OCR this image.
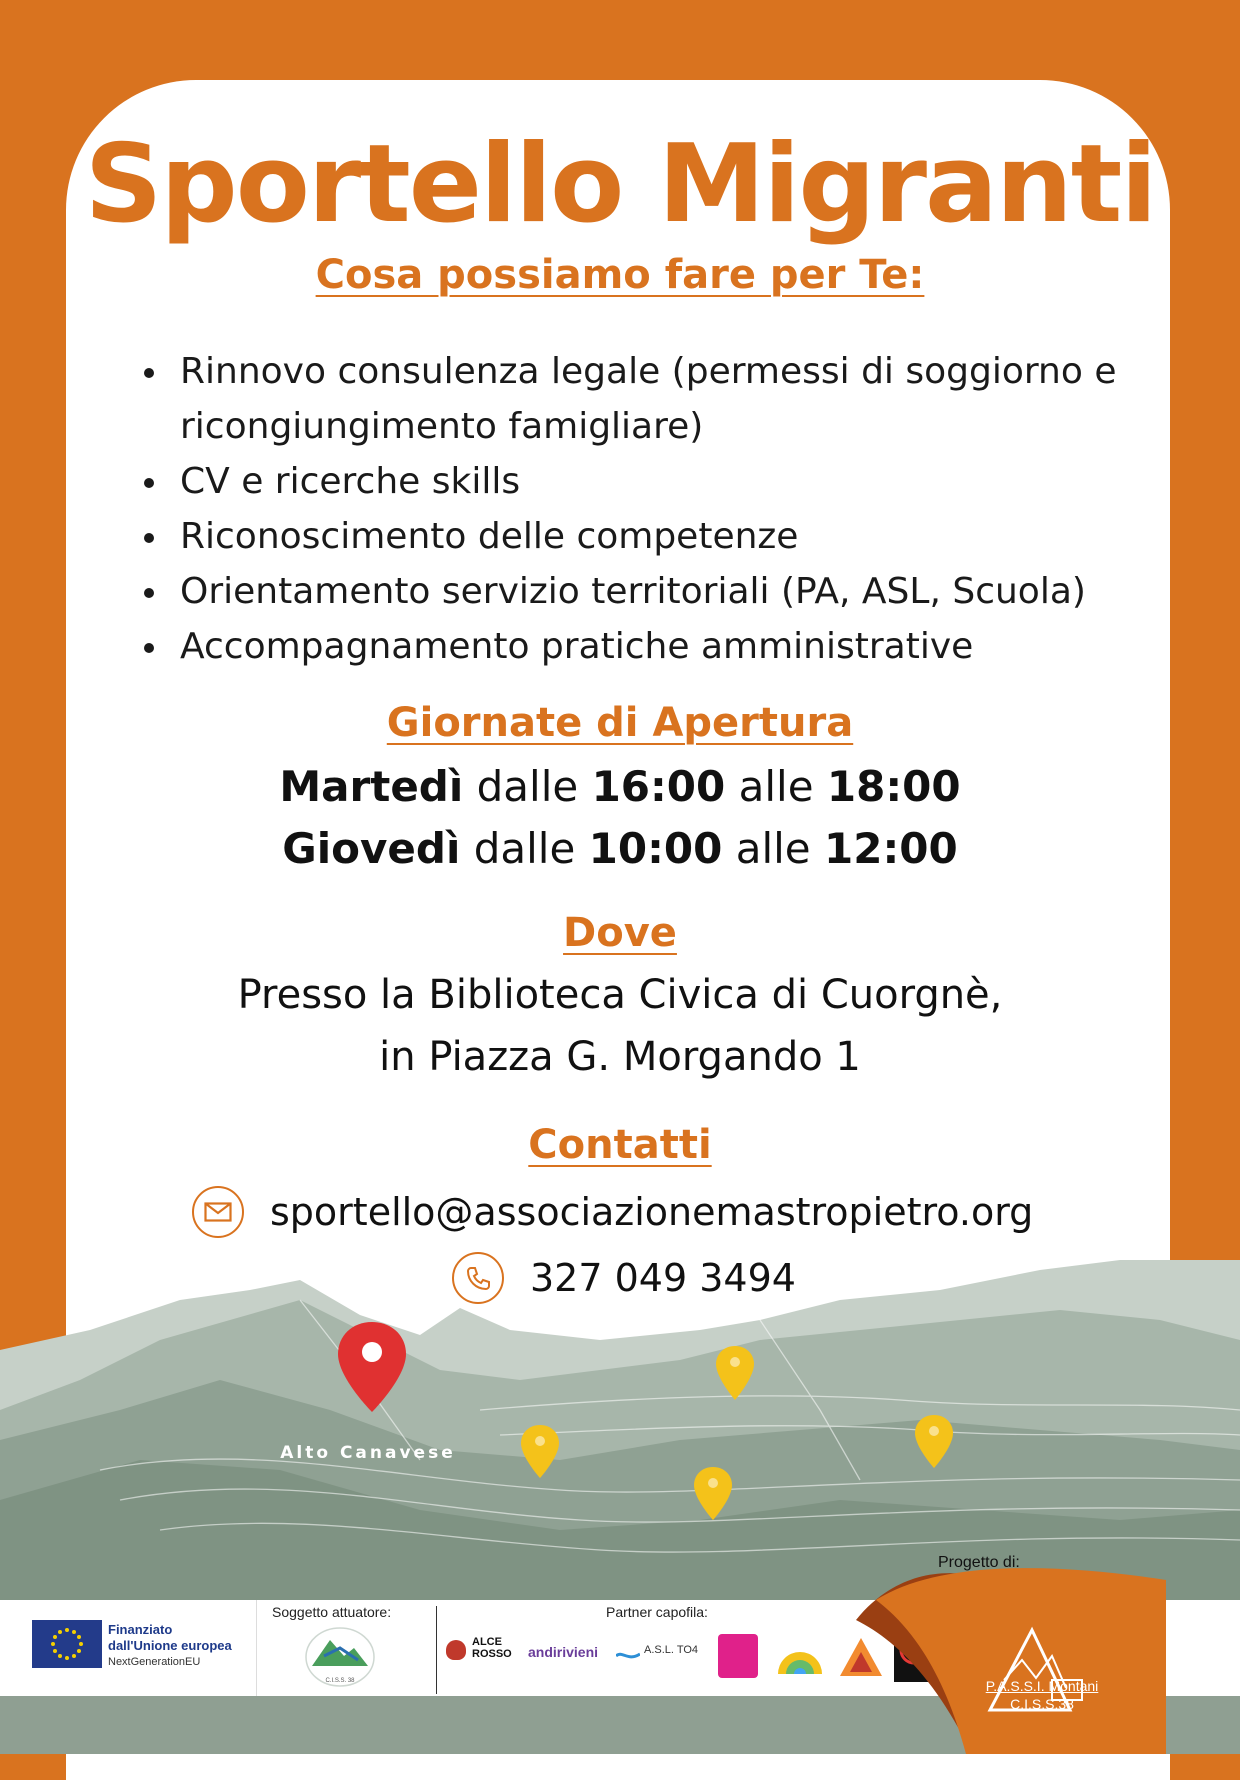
Sportello Migranti
Cosa possiamo fare per Te:
Rinnovo consulenza legale (permessi di soggiorno e ricongiungimento famigliare)
CV e ricerche skills
Riconoscimento delle competenze
Orientamento servizio territoriali (PA, ASL, Scuola)
Accompagnamento pratiche amministrative
Giornate di Apertura

Martedì dalle 16:00 alle 18:00

Giovedì dalle 10:00 alle 12:00

Dove

Presso la Biblioteca Civica di Cuorgnè,

in Piazza G. Morgando 1

Contatti
sportello@associazionemastropietro.org
327 049 3494
Alto Canavese
Finanziato
dall'Unione europea
NextGenerationEU
Soggetto attuatore:
C.I.S.S. 38
Partner capofila:
ALCE
ROSSO andirivieni	A.S.L. TO4
Progetto di:
P.A.S.S.I. Montani
C.I.S.S.38
